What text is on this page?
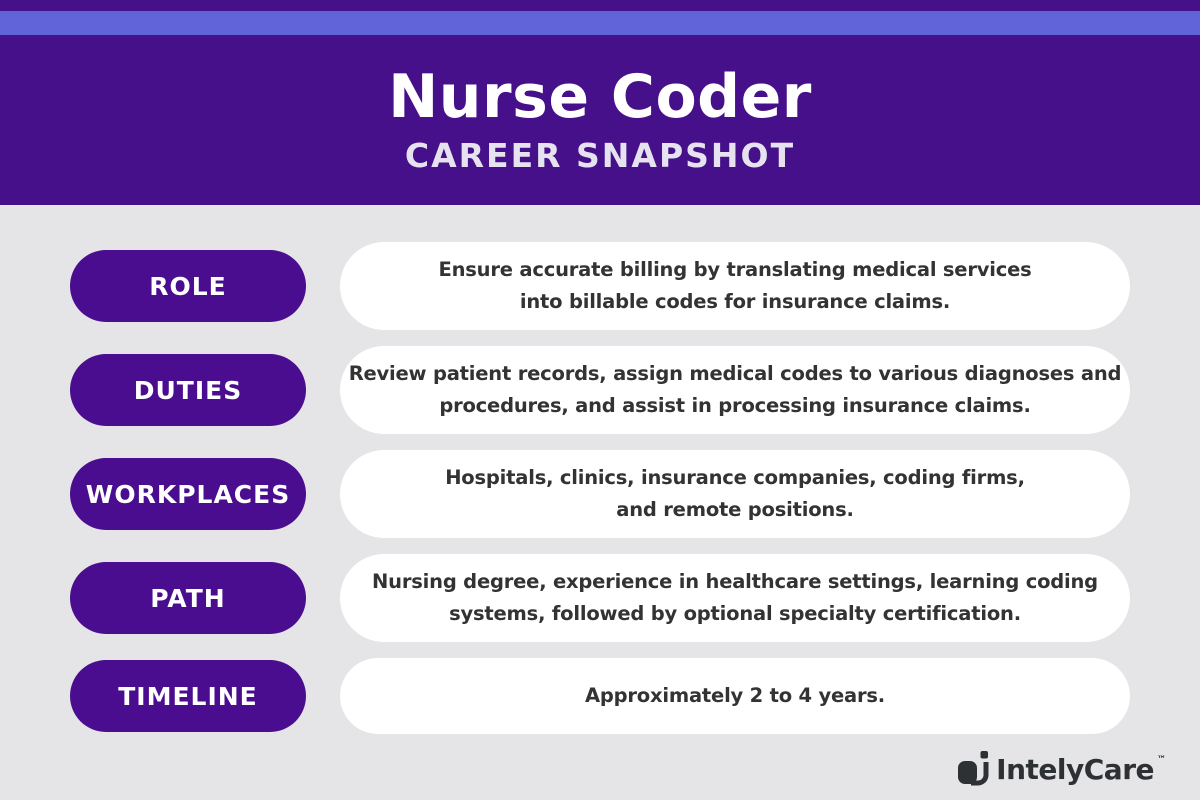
Nurse Coder
CAREER SNAPSHOT
ROLE
Ensure accurate billing by translating medical services
into billable codes for insurance claims.
DUTIES
Review patient records, assign medical codes to various diagnoses and
procedures, and assist in processing insurance claims.
WORKPLACES
Hospitals, clinics, insurance companies, coding firms,
and remote positions.
PATH
Nursing degree, experience in healthcare settings, learning coding
systems, followed by optional specialty certification.
TIMELINE	Approximately 2 to 4 years.
IntelyCare ™
